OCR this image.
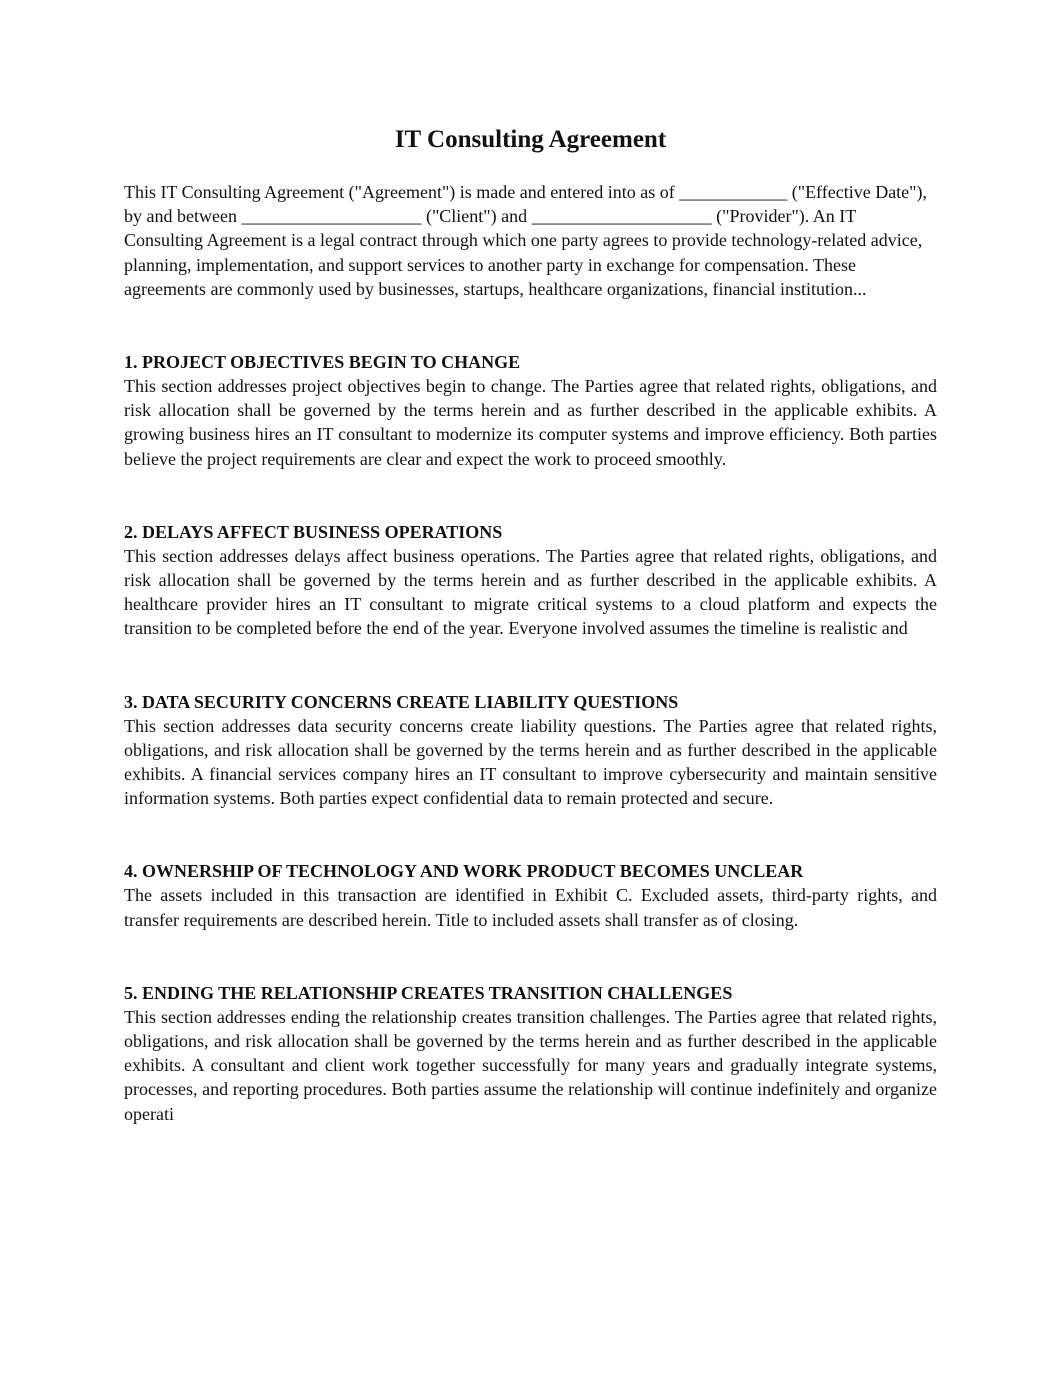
IT Consulting Agreement

This IT Consulting Agreement ("Agreement") is made and entered into as of ____________ ("Effective Date"), by and between ____________________ ("Client") and ____________________ ("Provider"). An IT Consulting Agreement is a legal contract through which one party agrees to provide technology-related advice, planning, implementation, and support services to another party in exchange for compensation. These agreements are commonly used by businesses, startups, healthcare organizations, financial institution...

1. PROJECT OBJECTIVES BEGIN TO CHANGE

This section addresses project objectives begin to change. The Parties agree that related rights, obligations, and risk allocation shall be governed by the terms herein and as further described in the applicable exhibits. A growing business hires an IT consultant to modernize its computer systems and improve efficiency. Both parties believe the project requirements are clear and expect the work to proceed smoothly.

2. DELAYS AFFECT BUSINESS OPERATIONS

This section addresses delays affect business operations. The Parties agree that related rights, obligations, and risk allocation shall be governed by the terms herein and as further described in the applicable exhibits. A healthcare provider hires an IT consultant to migrate critical systems to a cloud platform and expects the transition to be completed before the end of the year. Everyone involved assumes the timeline is realistic and

3. DATA SECURITY CONCERNS CREATE LIABILITY QUESTIONS

This section addresses data security concerns create liability questions. The Parties agree that related rights, obligations, and risk allocation shall be governed by the terms herein and as further described in the applicable exhibits. A financial services company hires an IT consultant to improve cybersecurity and maintain sensitive information systems. Both parties expect confidential data to remain protected and secure.

4. OWNERSHIP OF TECHNOLOGY AND WORK PRODUCT BECOMES UNCLEAR

The assets included in this transaction are identified in Exhibit C. Excluded assets, third-party rights, and transfer requirements are described herein. Title to included assets shall transfer as of closing.

5. ENDING THE RELATIONSHIP CREATES TRANSITION CHALLENGES

This section addresses ending the relationship creates transition challenges. The Parties agree that related rights, obligations, and risk allocation shall be governed by the terms herein and as further described in the applicable exhibits. A consultant and client work together successfully for many years and gradually integrate systems, processes, and reporting procedures. Both parties assume the relationship will continue indefinitely and organize operati
